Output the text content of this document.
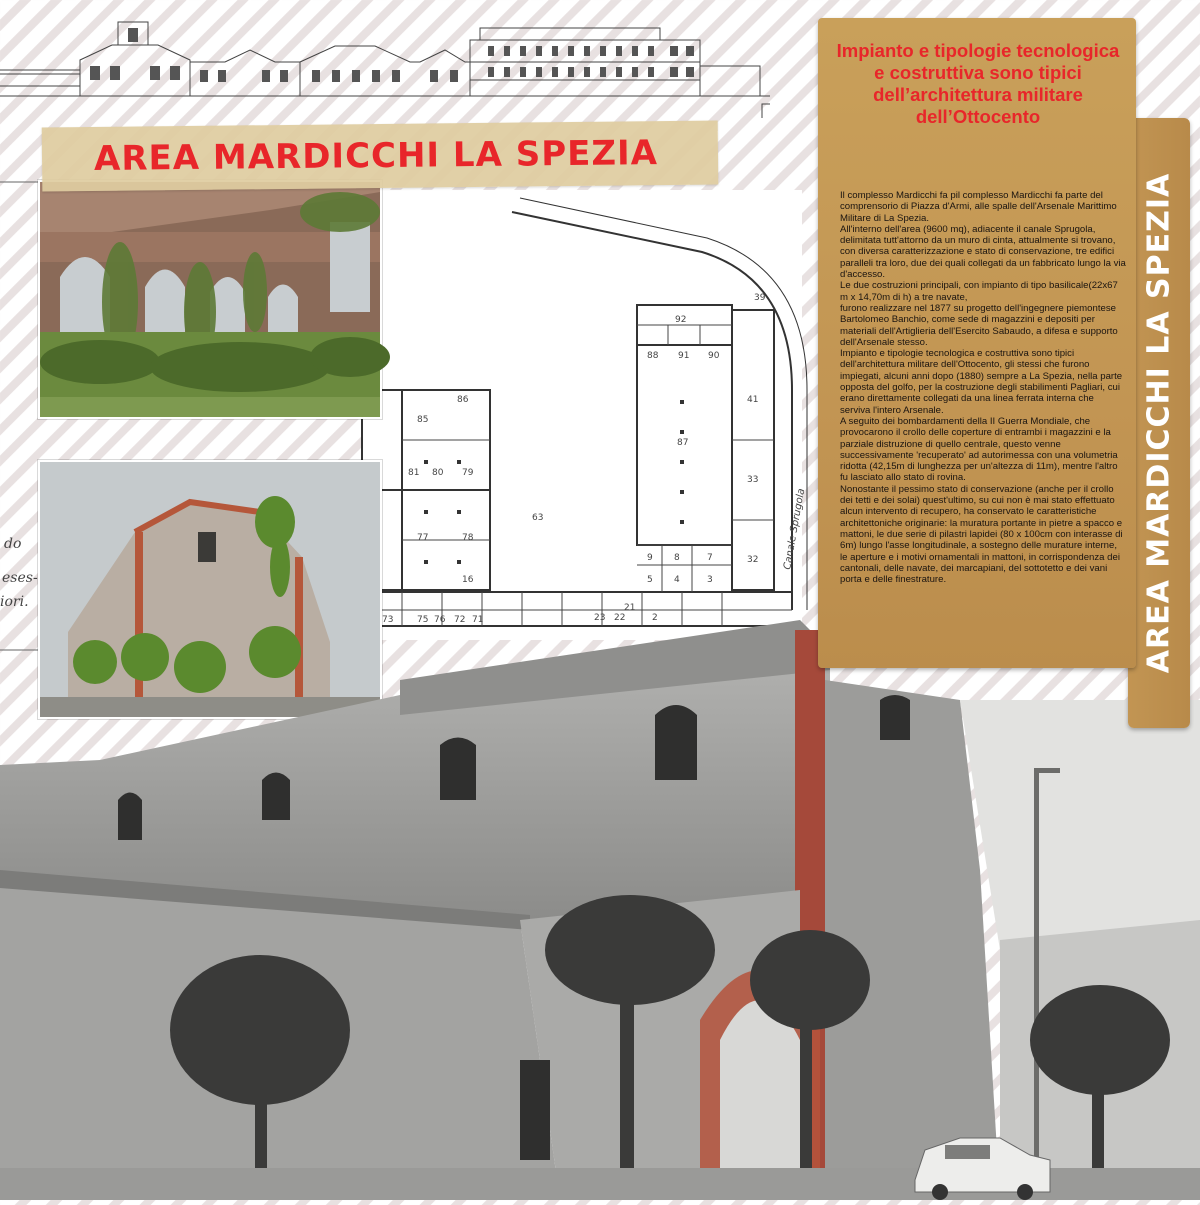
do
eses-
iori.
92
88 91 90
87
41
33
32
9 8	7
5 4	3
2
23 22
21
86
85
81 80 79
78
77
16
76
75
73	72 71
63
39
Canale Sprugola
AREA MARDICCHI LA SPEZIA
AREA MARDICCHI LA SPEZIA
Impianto e tipologie tecnologica e costruttiva sono tipici dell’architettura militare dell’Ottocento

Il complesso Mardicchi fa pil complesso Mardicchi fa parte del comprensorio di Piazza d'Armi, alle spalle dell'Arsenale Marittimo Militare di La Spezia.

All'interno dell'area (9600 mq), adiacente il canale Sprugola, delimitata tutt'attorno da un muro di cinta, attualmente si trovano, con diversa caratterizzazione e stato di conservazione, tre edifici paralleli tra loro, due dei quali collegati da un fabbricato lungo la via d'accesso.

Le due costruzioni principali, con impianto di tipo basilicale(22x67 m x 14,70m di h) a tre navate,

furono realizzare nel 1877 su progetto dell'ingegnere piemontese Bartolomeo Banchio, come sede di magazzini e depositi per materiali dell'Artiglieria dell'Esercito Sabaudo, a difesa e supporto dell'Arsenale stesso.

Impianto e tipologie tecnologica e costruttiva sono tipici dell'architettura militare dell'Ottocento, gli stessi che furono impiegati, alcuni anni dopo (1880) sempre a La Spezia, nella parte opposta del golfo, per la costruzione degli stabilimenti Pagliari, cui erano direttamente collegati da una linea ferrata interna che serviva l'intero Arsenale.

A seguito dei bombardamenti della II Guerra Mondiale, che provocarono il crollo delle coperture di entrambi i magazzini e la parziale distruzione di quello centrale, questo venne successivamente 'recuperato' ad autorimessa con una volumetria ridotta (42,15m di lunghezza per un'altezza di 11m), mentre l'altro fu lasciato allo stato di rovina.

Nonostante il pessimo stato di conservazione (anche per il crollo dei tetti e dei solai) quest'ultimo, su cui non è mai stato effettuato alcun intervento di recupero, ha conservato le caratteristiche architettoniche originarie: la muratura portante in pietre a spacco e mattoni, le due serie di pilastri lapidei (80 x 100cm con interasse di 6m) lungo l'asse longitudinale, a sostegno delle murature interne, le aperture e i motivi ornamentali in mattoni, in corrispondenza dei cantonali, delle navate, dei marcapiani, del sottotetto e dei vani porta e delle finestrature.
